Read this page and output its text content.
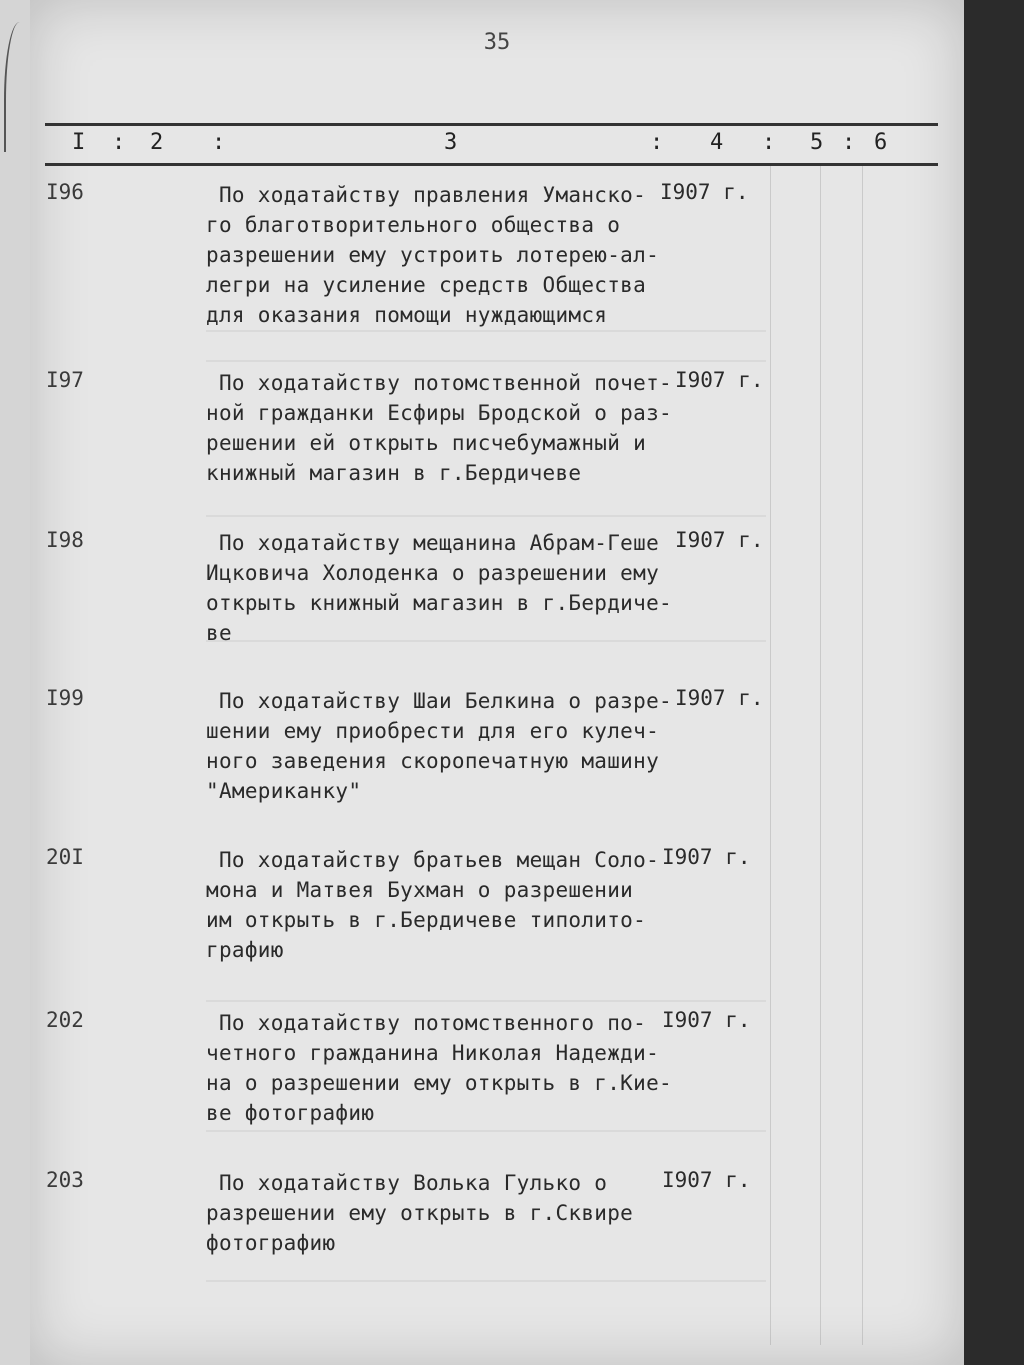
35
I : 2 :	3	: 4 : 5 : 6
I96	По ходатайству правления Уманско-
го благотворительного общества о
разрешении ему устроить лотерею-ал-
легри на усиление средств Общества
для оказания помощи нуждающимся
I907 г.
I97	По ходатайству потомственной почет-
ной гражданки Есфиры Бродской о раз-
решении ей открыть писчебумажный и
книжный магазин в г.Бердичеве
I907 г.
I98	По ходатайству мещанина Абрам-Геше
Ицковича Холоденка о разрешении ему
открыть книжный магазин в г.Бердиче-
ве
I907 г.
I99	По ходатайству Шаи Белкина о разре-
шении ему приобрести для его кулеч-
ного заведения скоропечатную машину
"Американку"
I907 г.
20I	По ходатайству братьев мещан Соло-
мона и Матвея Бухман о разрешении
им открыть в г.Бердичеве типолито-
графию
I907 г.
202	По ходатайству потомственного по-
четного гражданина Николая Надежди-
на о разрешении ему открыть в г.Кие-
ве фотографию
I907 г.
203	По ходатайству Волька Гулько о
разрешении ему открыть в г.Сквире
фотографию
I907 г.
